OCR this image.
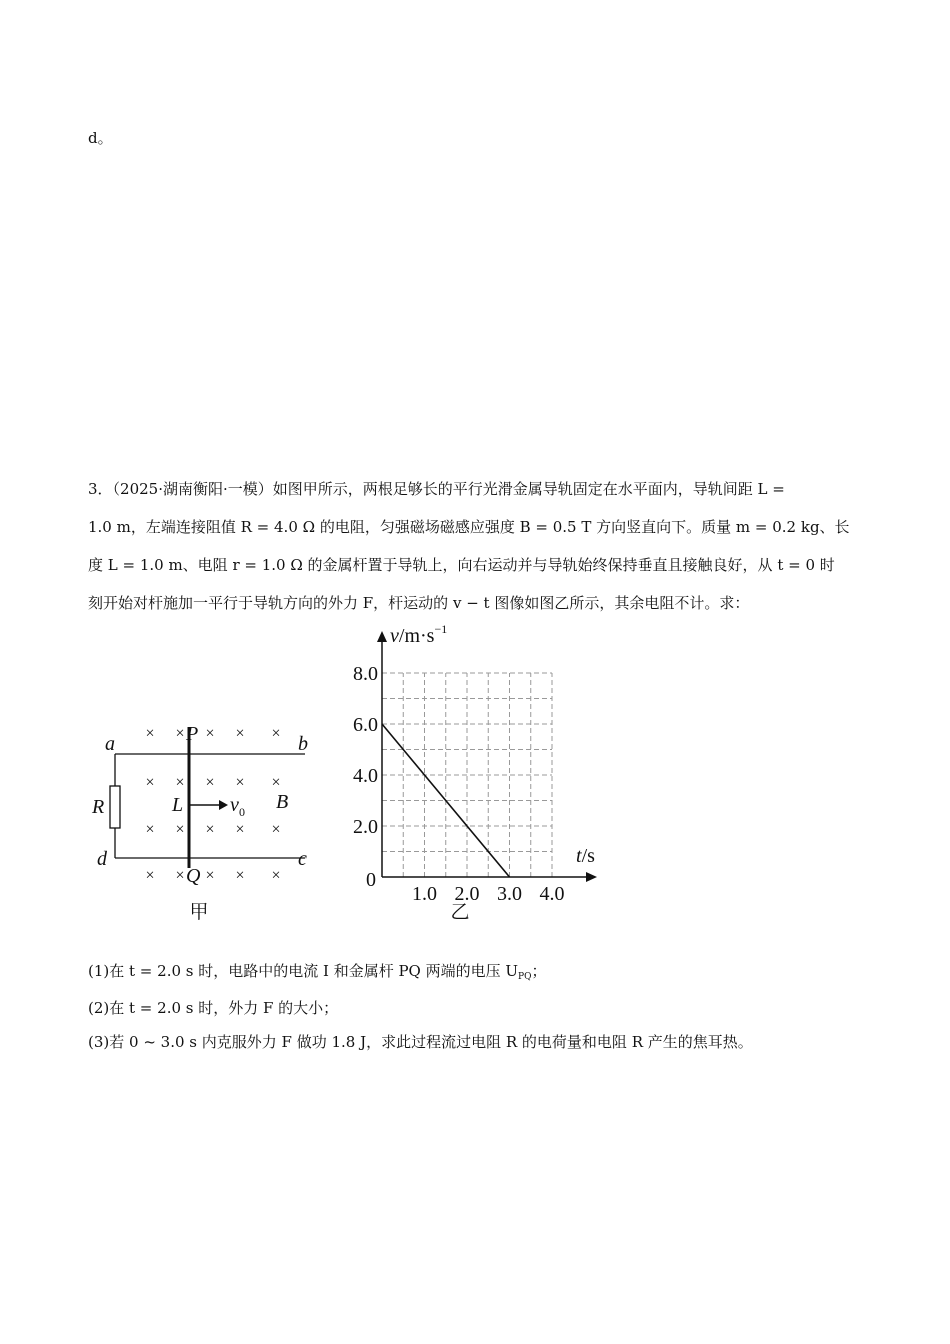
d。
3．（2025·湖南衡阳·一模）如图甲所示，两根足够长的平行光滑金属导轨固定在水平面内，导轨间距 L =
1.0 m，左端连接阻值 R = 4.0 Ω 的电阻，匀强磁场磁感应强度 B = 0.5 T 方向竖直向下。质量 m = 0.2 kg、长
度 L = 1.0 m、电阻 r = 1.0 Ω 的金属杆置于导轨上，向右运动并与导轨始终保持垂直且接触良好，从 t = 0 时
刻开始对杆施加一平行于导轨方向的外力 F，杆运动的 v − t 图像如图乙所示，其余电阻不计。求：
× × × × ×
× × × × ×
× × × × ×
× × × × ×
a	b
c
d
P
Q
R	L v B
0
甲
1.0 2.0 3.0 4.0
2.0
4.0
6.0
8.0
$v/m\cdot s^{-1}$
t/s
0
乙
(1)在 t = 2.0 s 时，电路中的电流 I 和金属杆 PQ 两端的电压 $U_{PQ}$；
(2)在 t = 2.0 s 时，外力 F 的大小；
(3)若 0 ~ 3.0 s 内克服外力 F 做功 1.8 J，求此过程流过电阻 R 的电荷量和电阻 R 产生的焦耳热。
